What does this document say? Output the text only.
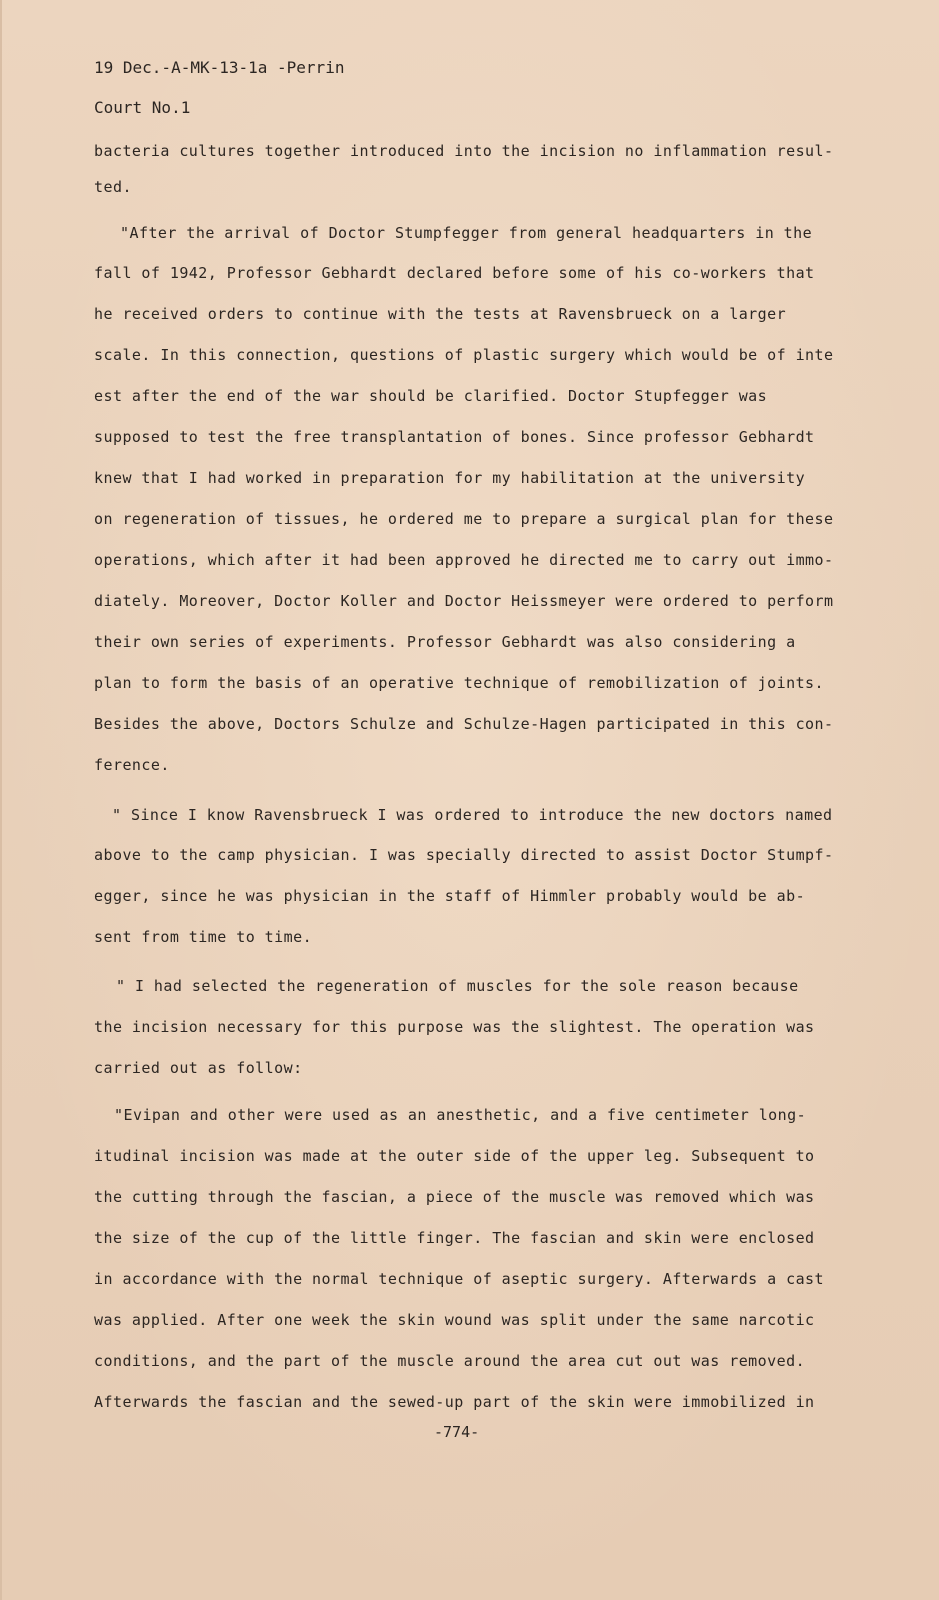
19 Dec.-A-MK-13-1a -Perrin
Court No.1
bacteria cultures together introduced into the incision no inflammation resul-
ted.
"After the arrival of Doctor Stumpfegger from general headquarters in the
fall of 1942, Professor Gebhardt declared before some of his co-workers that
he received orders to continue with the tests at Ravensbrueck on a larger
scale. In this connection, questions of plastic surgery which would be of inte
est after the end of the war should be clarified. Doctor Stupfegger was
supposed to test the free transplantation of bones. Since professor Gebhardt
knew that I had worked in preparation for my habilitation at the university
on regeneration of tissues, he ordered me to prepare a surgical plan for these
operations, which after it had been approved he directed me to carry out immo-
diately. Moreover, Doctor Koller and Doctor Heissmeyer were ordered to perform
their own series of experiments. Professor Gebhardt was also considering a
plan to form the basis of an operative technique of remobilization of joints.
Besides the above, Doctors Schulze and Schulze-Hagen participated in this con-
ference.
" Since I know Ravensbrueck I was ordered to introduce the new doctors named
above to the camp physician. I was specially directed to assist Doctor Stumpf-
egger, since he was physician in the staff of Himmler probably would be ab-
sent from time to time.
" I had selected the regeneration of muscles for the sole reason because
the incision necessary for this purpose was the slightest. The operation was
carried out as follow:
"Evipan and other were used as an anesthetic, and a five centimeter long-
itudinal incision was made at the outer side of the upper leg. Subsequent to
the cutting through the fascian, a piece of the muscle was removed which was
the size of the cup of the little finger. The fascian and skin were enclosed
in accordance with the normal technique of aseptic surgery. Afterwards a cast
was applied. After one week the skin wound was split under the same narcotic
conditions, and the part of the muscle around the area cut out was removed.
Afterwards the fascian and the sewed-up part of the skin were immobilized in
-774-
